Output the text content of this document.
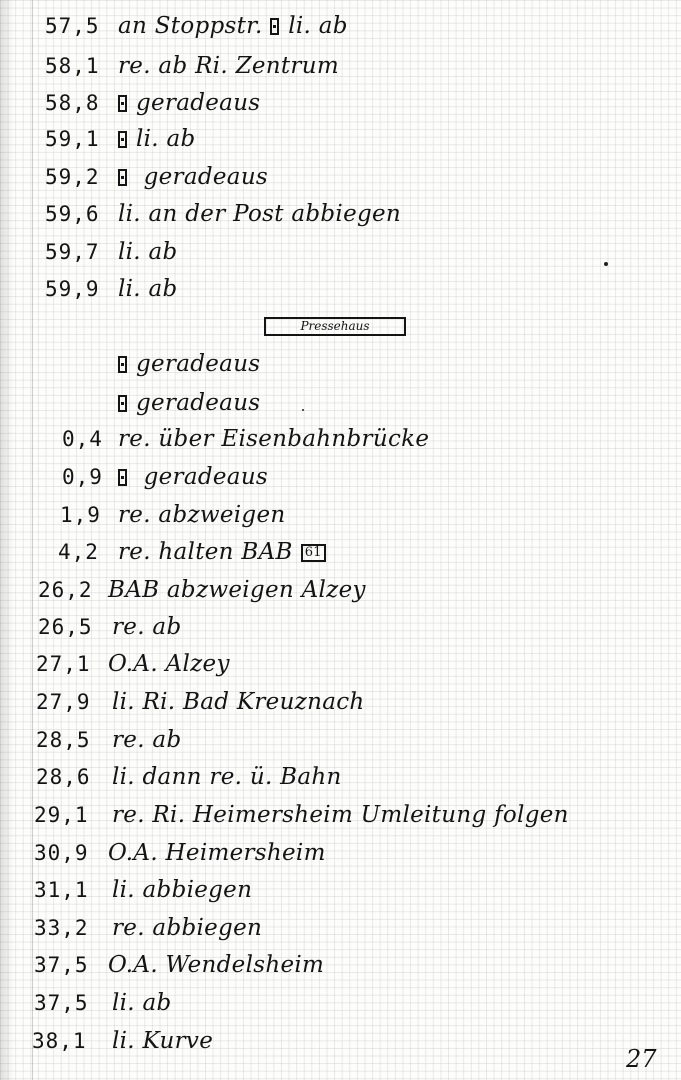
57,5 an Stoppstr. li. ab
58,1 re. ab Ri. Zentrum
58,8	geradeaus
59,1	li. ab
59,2	geradeaus
59,6 li. an der Post abbiegen
59,7 li. ab
59,9 li. ab
Pressehaus
geradeaus
geradeaus
0,4 re. über Eisenbahnbrücke
0,9	geradeaus
1,9 re. abzweigen
4,2 re. halten BAB 61
26,2 BAB abzweigen Alzey
26,5 re. ab
27,1 O.A. Alzey
27,9 li. Ri. Bad Kreuznach
28,5 re. ab
28,6 li. dann re. ü. Bahn
29,1	re. Ri. Heimersheim Umleitung folgen
30,9 O.A. Heimersheim
31,1	li. abbiegen
33,2	re. abbiegen
37,5 O.A. Wendelsheim
37,5	li. ab
38,1	li. Kurve
27
